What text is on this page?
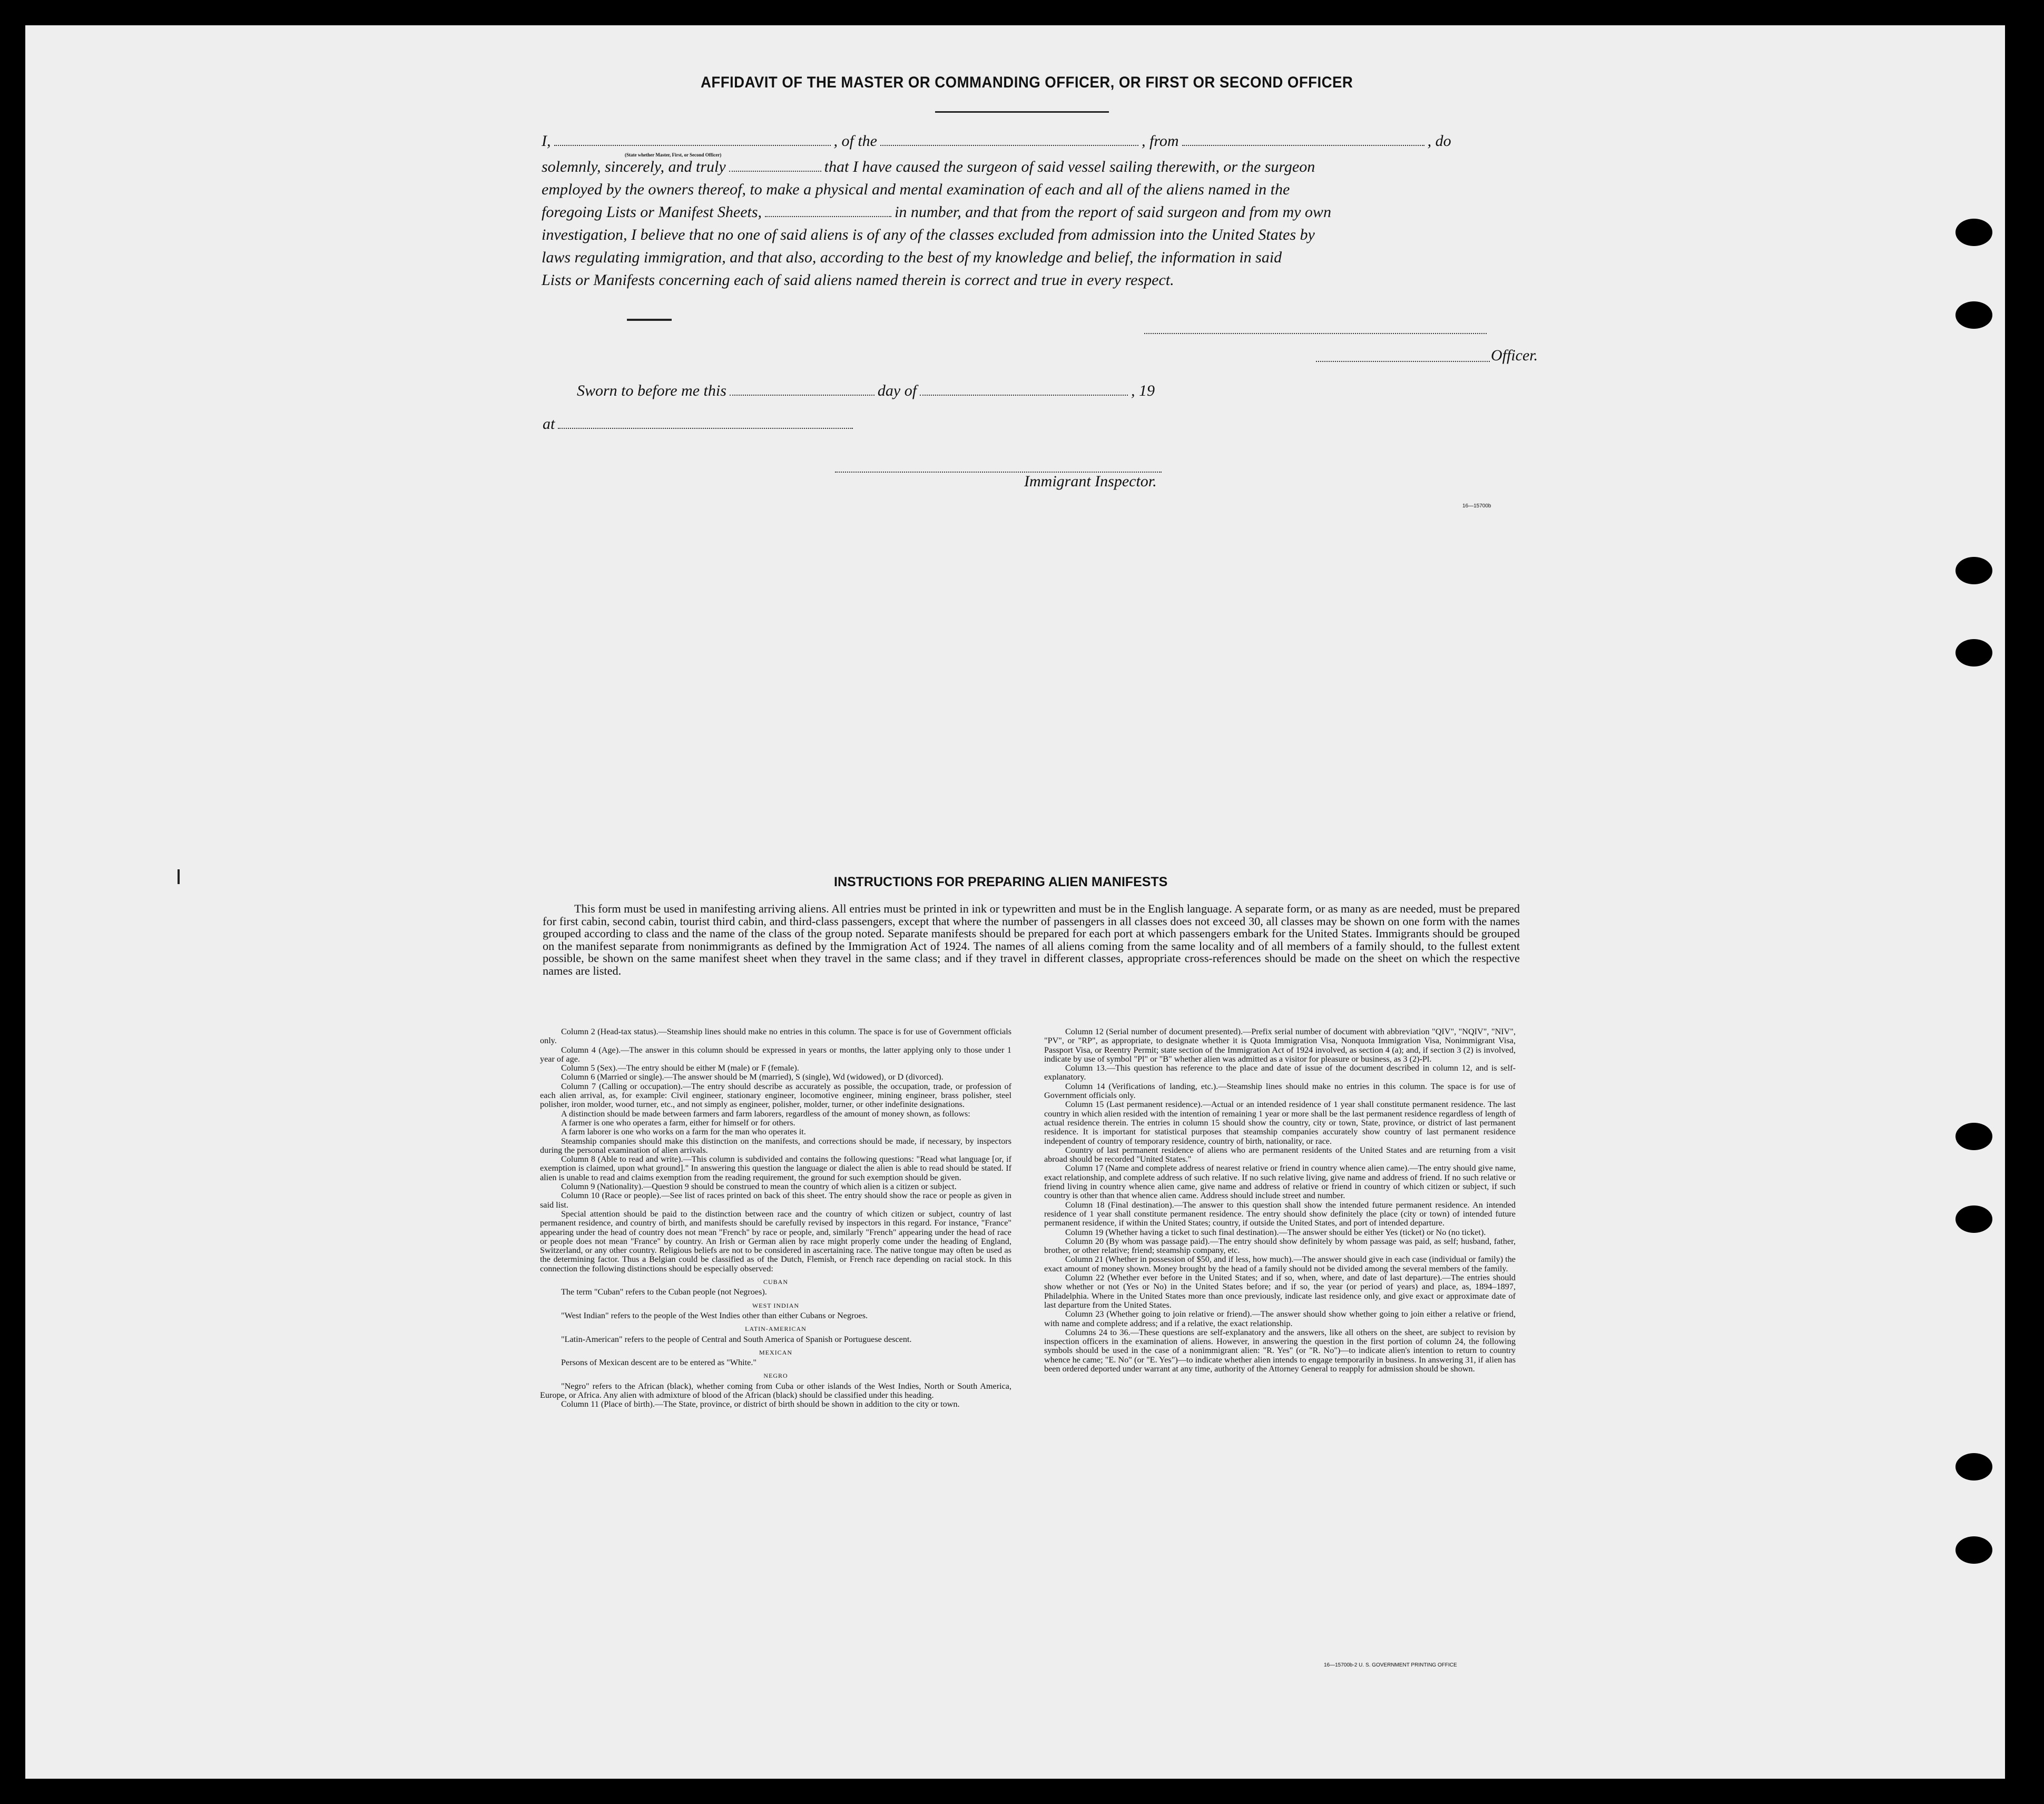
AFFIDAVIT OF THE MASTER OR COMMANDING OFFICER, OR FIRST OR SECOND OFFICER
I,	, of the	, from	, do
(State whether Master, First, or Second Officer)
solemnly, sincerely, and truly	that I have caused the surgeon of said vessel sailing therewith, or the surgeon
employed by the owners thereof, to make a physical and mental examination of each and all of the aliens named in the
foregoing Lists or Manifest Sheets,	in number, and that from the report of said surgeon and from my own
investigation, I believe that no one of said aliens is of any of the classes excluded from admission into the United States by
laws regulating immigration, and that also, according to the best of my knowledge and belief, the information in said
Lists or Manifests concerning each of said aliens named therein is correct and true in every respect.
Officer.
Sworn to before me this	day of	, 19
at
Immigrant Inspector.
16—15700b
INSTRUCTIONS FOR PREPARING ALIEN MANIFESTS

This form must be used in manifesting arriving aliens. All entries must be printed in ink or typewritten and must be in the English language. A separate form, or as many as are needed, must be prepared for first cabin, second cabin, tourist third cabin, and third-class passengers, except that where the number of passengers in all classes does not exceed 30, all classes may be shown on one form with the names grouped according to class and the name of the class of the group noted. Separate manifests should be prepared for each port at which passengers embark for the United States. Immigrants should be grouped on the manifest separate from nonimmigrants as defined by the Immigration Act of 1924. The names of all aliens coming from the same locality and of all members of a family should, to the fullest extent possible, be shown on the same manifest sheet when they travel in the same class; and if they travel in different classes, appropriate cross-references should be made on the sheet on which the respective names are listed.

Column 2 (Head-tax status).—Steamship lines should make no entries in this column. The space is for use of Government officials only.

Column 4 (Age).—The answer in this column should be expressed in years or months, the latter applying only to those under 1 year of age.

Column 5 (Sex).—The entry should be either M (male) or F (female).

Column 6 (Married or single).—The answer should be M (married), S (single), Wd (widowed), or D (divorced).

Column 7 (Calling or occupation).—The entry should describe as accurately as possible, the occupation, trade, or profession of each alien arrival, as, for example: Civil engineer, stationary engineer, locomotive engineer, mining engineer, brass polisher, steel polisher, iron molder, wood turner, etc., and not simply as engineer, polisher, molder, turner, or other indefinite designations.

A distinction should be made between farmers and farm laborers, regardless of the amount of money shown, as follows:

A farmer is one who operates a farm, either for himself or for others.

A farm laborer is one who works on a farm for the man who operates it.

Steamship companies should make this distinction on the manifests, and corrections should be made, if necessary, by inspectors during the personal examination of alien arrivals.

Column 8 (Able to read and write).—This column is subdivided and contains the following questions: "Read what language [or, if exemption is claimed, upon what ground]." In answering this question the language or dialect the alien is able to read should be stated. If alien is unable to read and claims exemption from the reading requirement, the ground for such exemption should be given.

Column 9 (Nationality).—Question 9 should be construed to mean the country of which alien is a citizen or subject.

Column 10 (Race or people).—See list of races printed on back of this sheet. The entry should show the race or people as given in said list.

Special attention should be paid to the distinction between race and the country of which citizen or subject, country of last permanent residence, and country of birth, and manifests should be carefully revised by inspectors in this regard. For instance, "France" appearing under the head of country does not mean "French" by race or people, and, similarly "French" appearing under the head of race or people does not mean "France" by country. An Irish or German alien by race might properly come under the heading of England, Switzerland, or any other country. Religious beliefs are not to be considered in ascertaining race. The native tongue may often be used as the determining factor. Thus a Belgian could be classified as of the Dutch, Flemish, or French race depending on racial stock. In this connection the following distinctions should be especially observed:

CUBAN

The term "Cuban" refers to the Cuban people (not Negroes).

WEST INDIAN

"West Indian" refers to the people of the West Indies other than either Cubans or Negroes.

LATIN-AMERICAN

"Latin-American" refers to the people of Central and South America of Spanish or Portuguese descent.

MEXICAN

Persons of Mexican descent are to be entered as "White."

NEGRO

"Negro" refers to the African (black), whether coming from Cuba or other islands of the West Indies, North or South America, Europe, or Africa. Any alien with admixture of blood of the African (black) should be classified under this heading.

Column 11 (Place of birth).—The State, province, or district of birth should be shown in addition to the city or town.

Column 12 (Serial number of document presented).—Prefix serial number of document with abbreviation "QIV", "NQIV", "NIV", "PV", or "RP", as appropriate, to designate whether it is Quota Immigration Visa, Nonquota Immigration Visa, Nonimmigrant Visa, Passport Visa, or Reentry Permit; state section of the Immigration Act of 1924 involved, as section 4 (a); and, if section 3 (2) is involved, indicate by use of symbol "Pl" or "B" whether alien was admitted as a visitor for pleasure or business, as 3 (2)-Pl.

Column 13.—This question has reference to the place and date of issue of the document described in column 12, and is self-explanatory.

Column 14 (Verifications of landing, etc.).—Steamship lines should make no entries in this column. The space is for use of Government officials only.

Column 15 (Last permanent residence).—Actual or an intended residence of 1 year shall constitute permanent residence. The last country in which alien resided with the intention of remaining 1 year or more shall be the last permanent residence regardless of length of actual residence therein. The entries in column 15 should show the country, city or town, State, province, or district of last permanent residence. It is important for statistical purposes that steamship companies accurately show country of last permanent residence independent of country of temporary residence, country of birth, nationality, or race.

Country of last permanent residence of aliens who are permanent residents of the United States and are returning from a visit abroad should be recorded "United States."

Column 17 (Name and complete address of nearest relative or friend in country whence alien came).—The entry should give name, exact relationship, and complete address of such relative. If no such relative living, give name and address of friend. If no such relative or friend living in country whence alien came, give name and address of relative or friend in country of which citizen or subject, if such country is other than that whence alien came. Address should include street and number.

Column 18 (Final destination).—The answer to this question shall show the intended future permanent residence. An intended residence of 1 year shall constitute permanent residence. The entry should show definitely the place (city or town) of intended future permanent residence, if within the United States; country, if outside the United States, and port of intended departure.

Column 19 (Whether having a ticket to such final destination).—The answer should be either Yes (ticket) or No (no ticket).

Column 20 (By whom was passage paid).—The entry should show definitely by whom passage was paid, as self; husband, father, brother, or other relative; friend; steamship company, etc.

Column 21 (Whether in possession of $50, and if less, how much).—The answer should give in each case (individual or family) the exact amount of money shown. Money brought by the head of a family should not be divided among the several members of the family.

Column 22 (Whether ever before in the United States; and if so, when, where, and date of last departure).—The entries should show whether or not (Yes or No) in the United States before; and if so, the year (or period of years) and place, as, 1894–1897, Philadelphia. Where in the United States more than once previously, indicate last residence only, and give exact or approximate date of last departure from the United States.

Column 23 (Whether going to join relative or friend).—The answer should show whether going to join either a relative or friend, with name and complete address; and if a relative, the exact relationship.

Columns 24 to 36.—These questions are self-explanatory and the answers, like all others on the sheet, are subject to revision by inspection officers in the examination of aliens. However, in answering the question in the first portion of column 24, the following symbols should be used in the case of a nonimmigrant alien: "R. Yes" (or "R. No")—to indicate alien's intention to return to country whence he came; "E. No" (or "E. Yes")—to indicate whether alien intends to engage temporarily in business. In answering 31, if alien has been ordered deported under warrant at any time, authority of the Attorney General to reapply for admission should be shown.

16—15700b-2 U. S. GOVERNMENT PRINTING OFFICE
